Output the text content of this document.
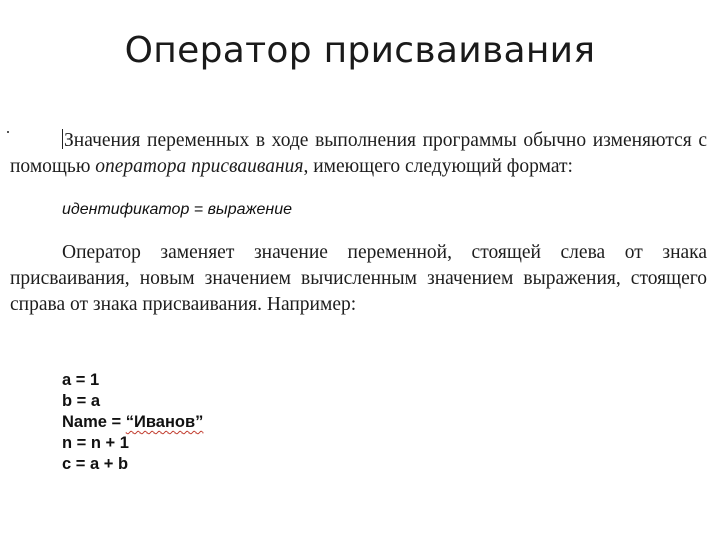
Оператор присваивания

Значения переменных в ходе выполнения программы обычно изменяются с помощью оператора присваивания, имеющего следующий формат:

идентификатор = выражение

Оператор заменяет значение переменной, стоящей слева от знака присваивания, новым значением вычисленным значением выражения, стоящего справа от знака присваивания. Например:

a = 1
b = a
Name = “Иванов”
n = n + 1
c = a + b
